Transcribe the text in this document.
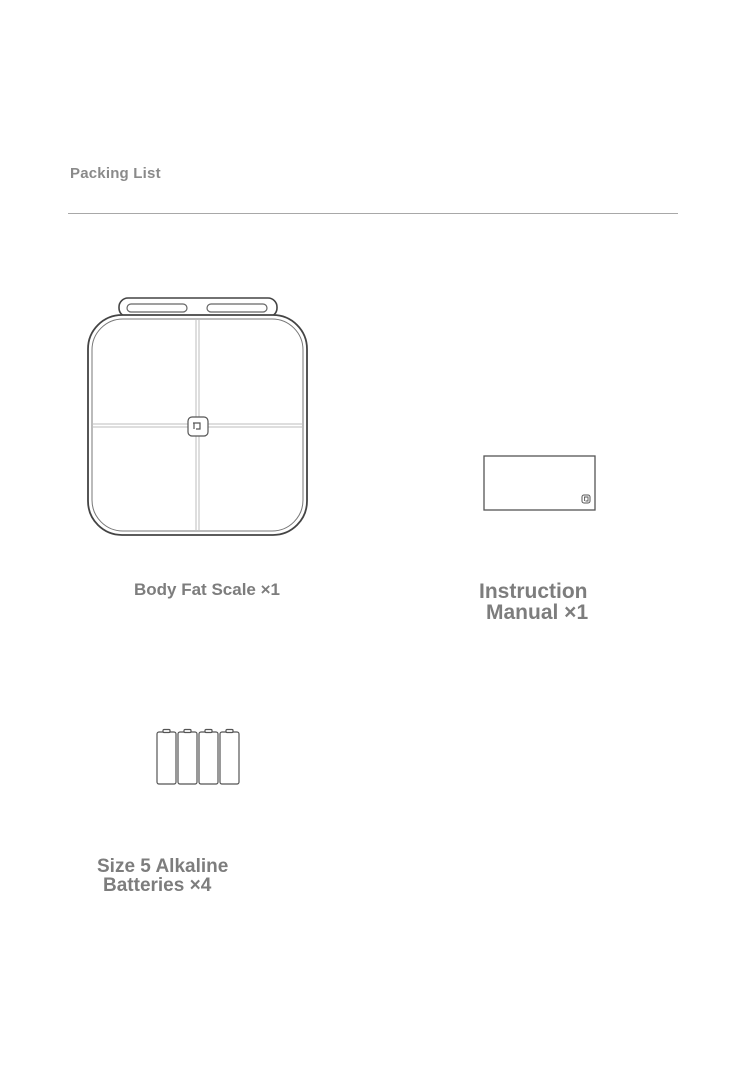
Packing List

Body Fat Scale ×1	Instruction
Manual ×1

Size 5 Alkaline
Batteries ×4
